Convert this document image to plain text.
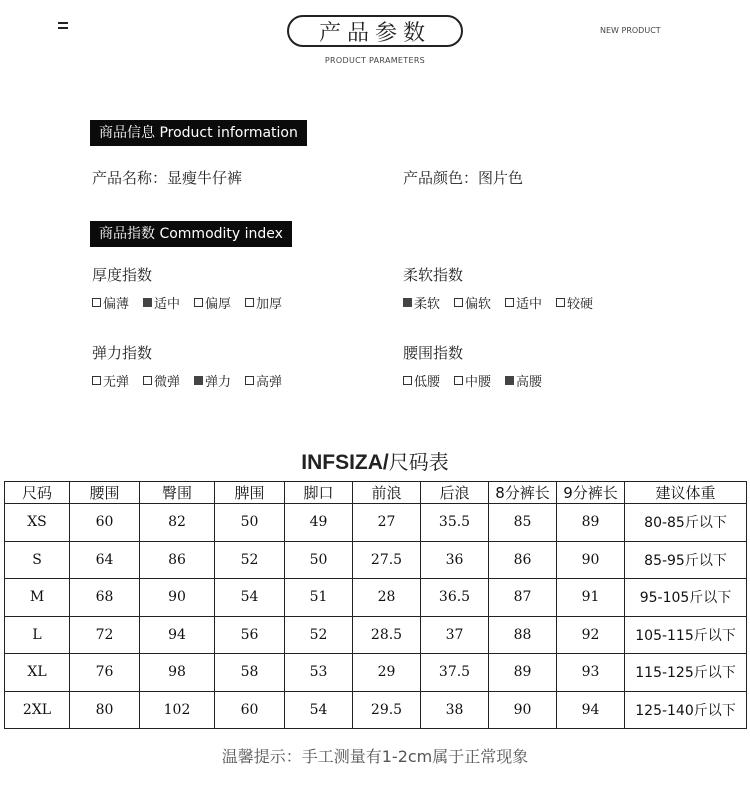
产品参数
PRODUCT PARAMETERS
NEW PRODUCT
商品信息 Product information
产品名称：显瘦牛仔裤	产品颜色：图片色
商品指数 Commodity index
厚度指数
偏薄 适中 偏厚 加厚
柔软指数
柔软 偏软 适中 较硬
弹力指数
无弹 微弹 弹力 高弹
腰围指数
低腰 中腰 高腰
INFSIZA/尺码表
尺码	腰围	臀围	脾围	脚口	前浪	后浪	8分裤长	9分裤长	建议体重
XS	60	82	50	49	27	35.5	85	89	80-85斤以下
S	64	86	52	50	27.5	36	86	90	85-95斤以下
M	68	90	54	51	28	36.5	87	91	95-105斤以下
L	72	94	56	52	28.5	37	88	92	105-115斤以下
XL	76	98	58	53	29	37.5	89	93	115-125斤以下
2XL	80	102	60	54	29.5	38	90	94	125-140斤以下
温馨提示：手工测量有1-2cm属于正常现象
